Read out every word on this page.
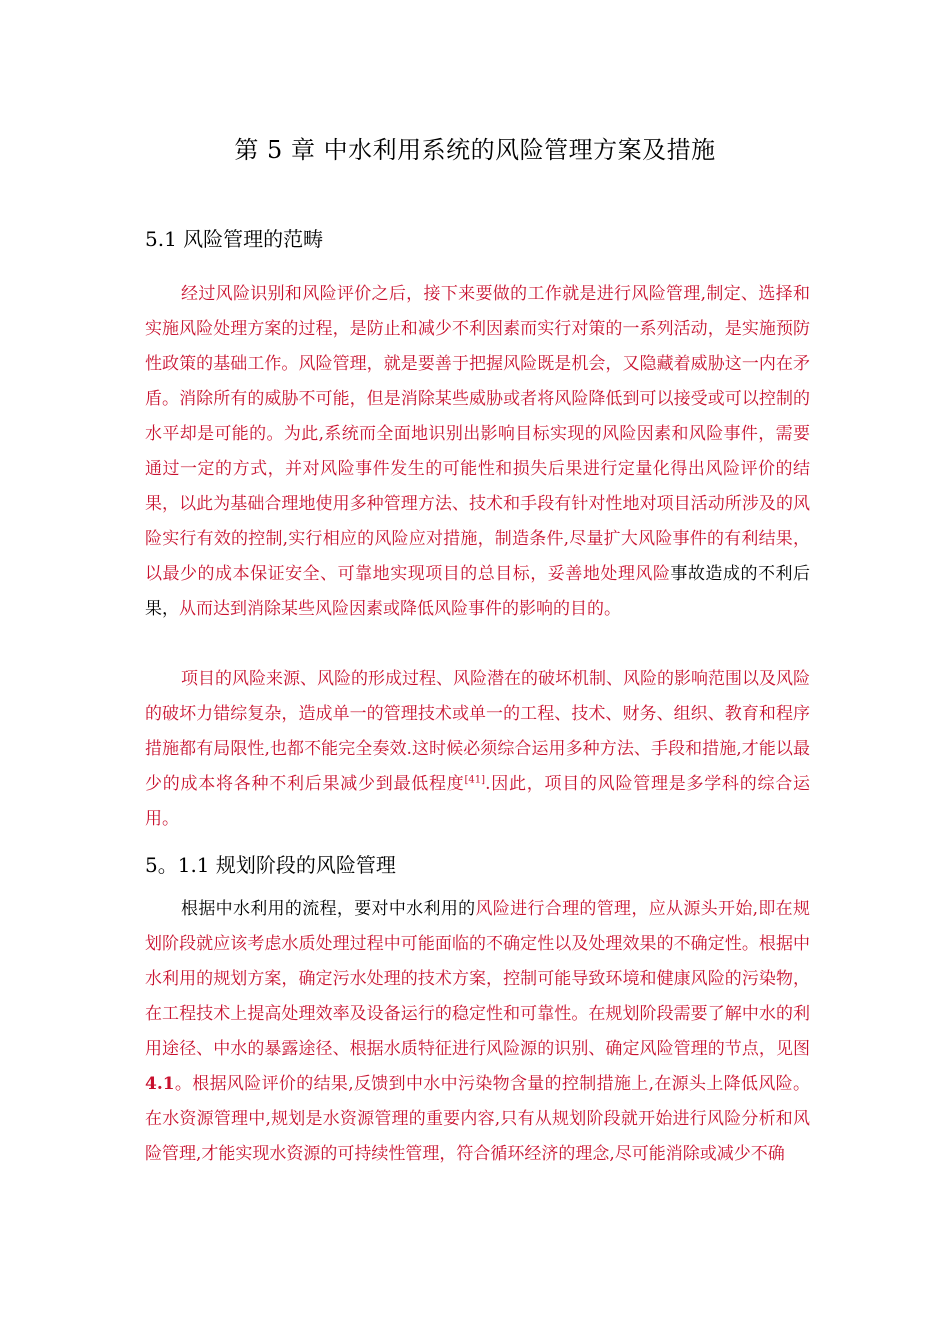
第 5 章 中水利用系统的风险管理方案及措施
5.1 风险管理的范畴

经过风险识别和风险评价之后，接下来要做的工作就是进行风险管理,制定、选择和实施风险处理方案的过程，是防止和减少不利因素而实行对策的一系列活动，是实施预防性政策的基础工作。风险管理，就是要善于把握风险既是机会，又隐藏着威胁这一内在矛盾。消除所有的威胁不可能，但是消除某些威胁或者将风险降低到可以接受或可以控制的水平却是可能的。为此,系统而全面地识别出影响目标实现的风险因素和风险事件，需要通过一定的方式，并对风险事件发生的可能性和损失后果进行定量化得出风险评价的结果，以此为基础合理地使用多种管理方法、技术和手段有针对性地对项目活动所涉及的风险实行有效的控制,实行相应的风险应对措施，制造条件,尽量扩大风险事件的有利结果，以最少的成本保证安全、可靠地实现项目的总目标，妥善地处理风险事故造成的不利后果，从而达到消除某些风险因素或降低风险事件的影响的目的。

项目的风险来源、风险的形成过程、风险潜在的破坏机制、风险的影响范围以及风险的破坏力错综复杂，造成单一的管理技术或单一的工程、技术、财务、组织、教育和程序措施都有局限性,也都不能完全奏效.这时候必须综合运用多种方法、手段和措施,才能以最少的成本将各种不利后果减少到最低程度[41].因此，项目的风险管理是多学科的综合运用。

5。1.1 规划阶段的风险管理

根据中水利用的流程，要对中水利用的风险进行合理的管理，应从源头开始,即在规划阶段就应该考虑水质处理过程中可能面临的不确定性以及处理效果的不确定性。根据中水利用的规划方案，确定污水处理的技术方案，控制可能导致环境和健康风险的污染物，在工程技术上提高处理效率及设备运行的稳定性和可靠性。在规划阶段需要了解中水的利用途径、中水的暴露途径、根据水质特征进行风险源的识别、确定风险管理的节点，见图 4.1。根据风险评价的结果,反馈到中水中污染物含量的控制措施上,在源头上降低风险。在水资源管理中,规划是水资源管理的重要内容,只有从规划阶段就开始进行风险分析和风险管理,才能实现水资源的可持续性管理，符合循环经济的理念,尽可能消除或减少不确
